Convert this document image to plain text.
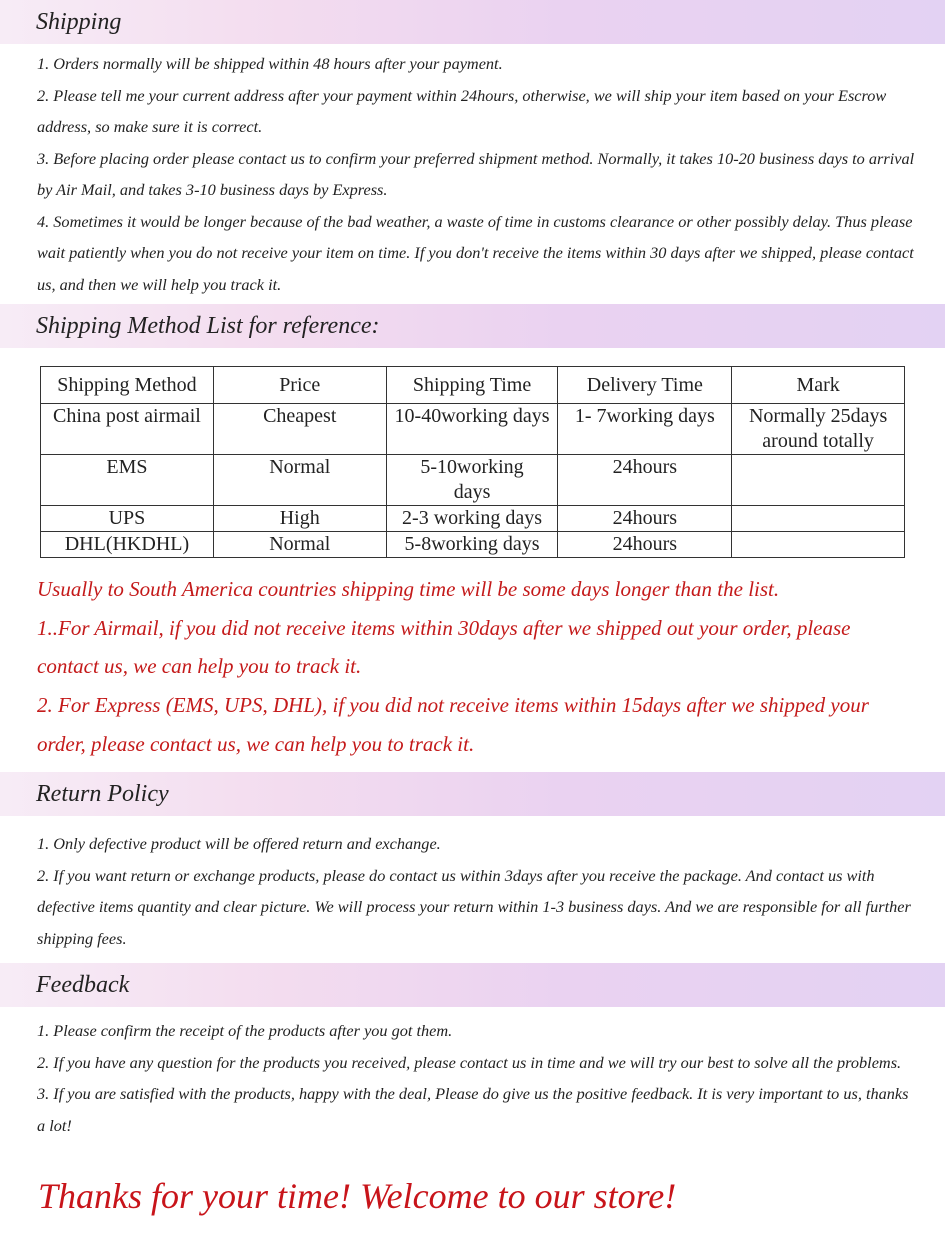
Shipping

1. Orders normally will be shipped within 48 hours after your payment.

2. Please tell me your current address after your payment within 24hours, otherwise, we will ship your item based on your Escrow address, so make sure it is correct.

3. Before placing order please contact us to confirm your preferred shipment method. Normally, it takes 10-20 business days to arrival by Air Mail, and takes 3-10 business days by Express.

4. Sometimes it would be longer because of the bad weather, a waste of time in customs clearance or other possibly delay. Thus please wait patiently when you do not receive your item on time. If you don't receive the items within 30 days after we shipped, please contact us, and then we will help you track it.

Shipping Method List for reference:
Shipping Method	Price	Shipping Time	Delivery Time	Mark
China post airmail	Cheapest	10-40working days	1- 7working days	Normally 25days around totally
EMS	Normal	5-10working days	24hours	
UPS	High	2-3 working days	24hours	
DHL(HKDHL)	Normal	5-8working days	24hours	

Usually to South America countries shipping time will be some days longer than the list.

1..For Airmail, if you did not receive items within 30days after we shipped out your order, please contact us, we can help you to track it.

2. For Express (EMS, UPS, DHL), if you did not receive items within 15days after we shipped your order, please contact us, we can help you to track it.

Return Policy

1. Only defective product will be offered return and exchange.

2. If you want return or exchange products, please do contact us within 3days after you receive the package. And contact us with defective items quantity and clear picture. We will process your return within 1-3 business days. And we are responsible for all further shipping fees.

Feedback

1. Please confirm the receipt of the products after you got them.

2. If you have any question for the products you received, please contact us in time and we will try our best to solve all the problems.

3. If you are satisfied with the products, happy with the deal, Please do give us the positive feedback. It is very important to us, thanks a lot!

Thanks for your time! Welcome to our store!
